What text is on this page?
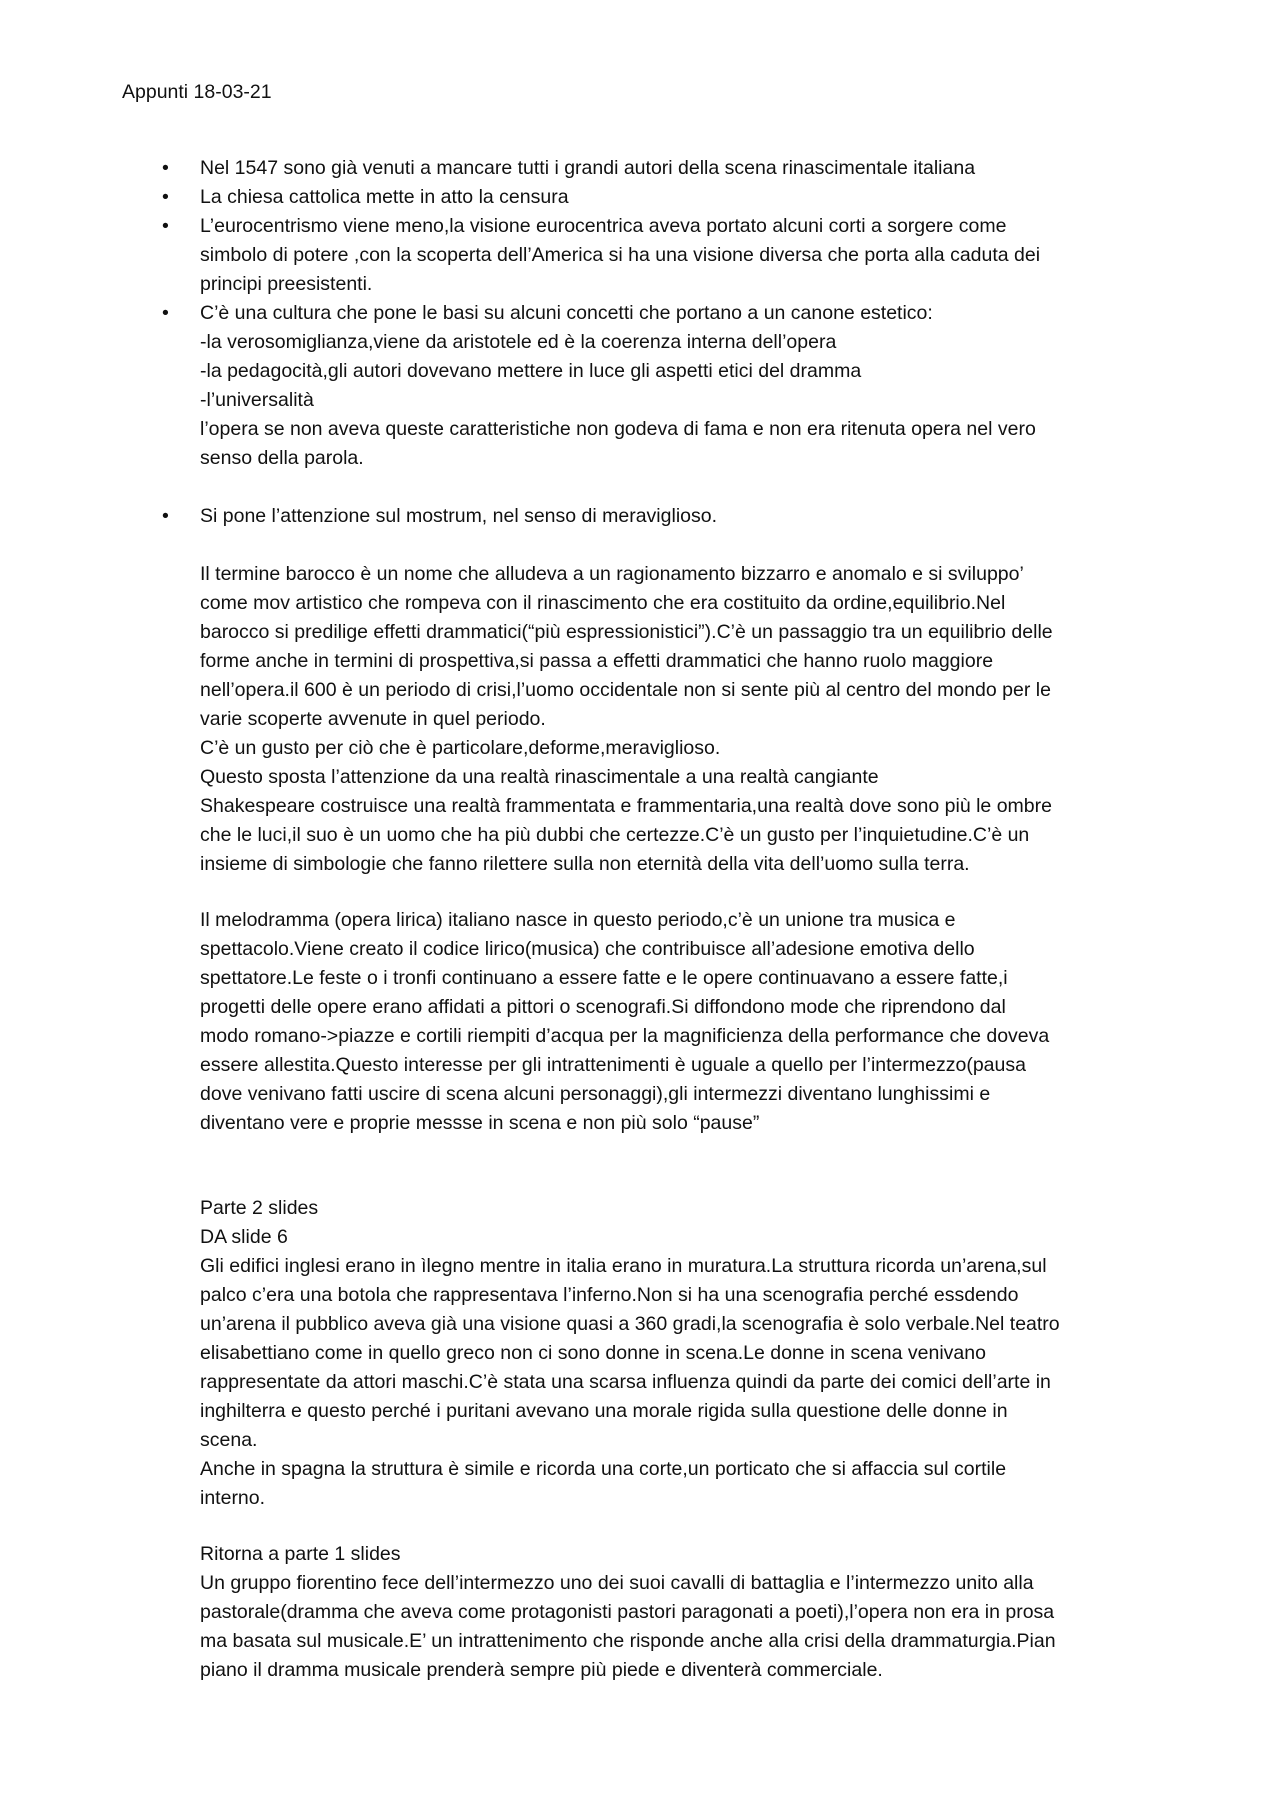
Appunti 18-03-21
•	Nel 1547 sono già venuti a mancare tutti i grandi autori della scena rinascimentale italiana
•	La chiesa cattolica mette in atto la censura
•	L’eurocentrismo viene meno,la visione eurocentrica aveva portato alcuni corti a sorgere come
simbolo di potere ,con la scoperta dell’America si ha una visione diversa che porta alla caduta dei
principi preesistenti.
•	C’è una cultura che pone le basi su alcuni concetti che portano a un canone estetico:
-la verosomiglianza,viene da aristotele ed è la coerenza interna dell’opera
-la pedagocità,gli autori dovevano mettere in luce gli aspetti etici del dramma
-l’universalità
l’opera se non aveva queste caratteristiche non godeva di fama e non era ritenuta opera nel vero
senso della parola.
•	Si pone l’attenzione sul mostrum, nel senso di meraviglioso.
Il termine barocco è un nome che alludeva a un ragionamento bizzarro e anomalo e si sviluppo’
come mov artistico che rompeva con il rinascimento che era costituito da ordine,equilibrio.Nel
barocco si predilige effetti drammatici(“più espressionistici”).C’è un passaggio tra un equilibrio delle
forme anche in termini di prospettiva,si passa a effetti drammatici che hanno ruolo maggiore
nell’opera.il 600 è un periodo di crisi,l’uomo occidentale non si sente più al centro del mondo per le
varie scoperte avvenute in quel periodo.
C’è un gusto per ciò che è particolare,deforme,meraviglioso.
Questo sposta l’attenzione da una realtà rinascimentale a una realtà cangiante
Shakespeare costruisce una realtà frammentata e frammentaria,una realtà dove sono più le ombre
che le luci,il suo è un uomo che ha più dubbi che certezze.C’è un gusto per l’inquietudine.C’è un
insieme di simbologie che fanno rilettere sulla non eternità della vita dell’uomo sulla terra.
Il melodramma (opera lirica) italiano nasce in questo periodo,c’è un unione tra musica e
spettacolo.Viene creato il codice lirico(musica) che contribuisce all’adesione emotiva dello
spettatore.Le feste o i tronfi continuano a essere fatte e le opere continuavano a essere fatte,i
progetti delle opere erano affidati a pittori o scenografi.Si diffondono mode che riprendono dal
modo romano->piazze e cortili riempiti d’acqua per la magnificienza della performance che doveva
essere allestita.Questo interesse per gli intrattenimenti è uguale a quello per l’intermezzo(pausa
dove venivano fatti uscire di scena alcuni personaggi),gli intermezzi diventano lunghissimi e
diventano vere e proprie messse in scena e non più solo “pause”
Parte 2 slides
DA slide 6
Gli edifici inglesi erano in ìlegno mentre in italia erano in muratura.La struttura ricorda un’arena,sul
palco c’era una botola che rappresentava l’inferno.Non si ha una scenografia perché essdendo
un’arena il pubblico aveva già una visione quasi a 360 gradi,la scenografia è solo verbale.Nel teatro
elisabettiano come in quello greco non ci sono donne in scena.Le donne in scena venivano
rappresentate da attori maschi.C’è stata una scarsa influenza quindi da parte dei comici dell’arte in
inghilterra e questo perché i puritani avevano una morale rigida sulla questione delle donne in
scena.
Anche in spagna la struttura è simile e ricorda una corte,un porticato che si affaccia sul cortile
interno.
Ritorna a parte 1 slides
Un gruppo fiorentino fece dell’intermezzo uno dei suoi cavalli di battaglia e l’intermezzo unito alla
pastorale(dramma che aveva come protagonisti pastori paragonati a poeti),l’opera non era in prosa
ma basata sul musicale.E’ un intrattenimento che risponde anche alla crisi della drammaturgia.Pian
piano il dramma musicale prenderà sempre più piede e diventerà commerciale.
